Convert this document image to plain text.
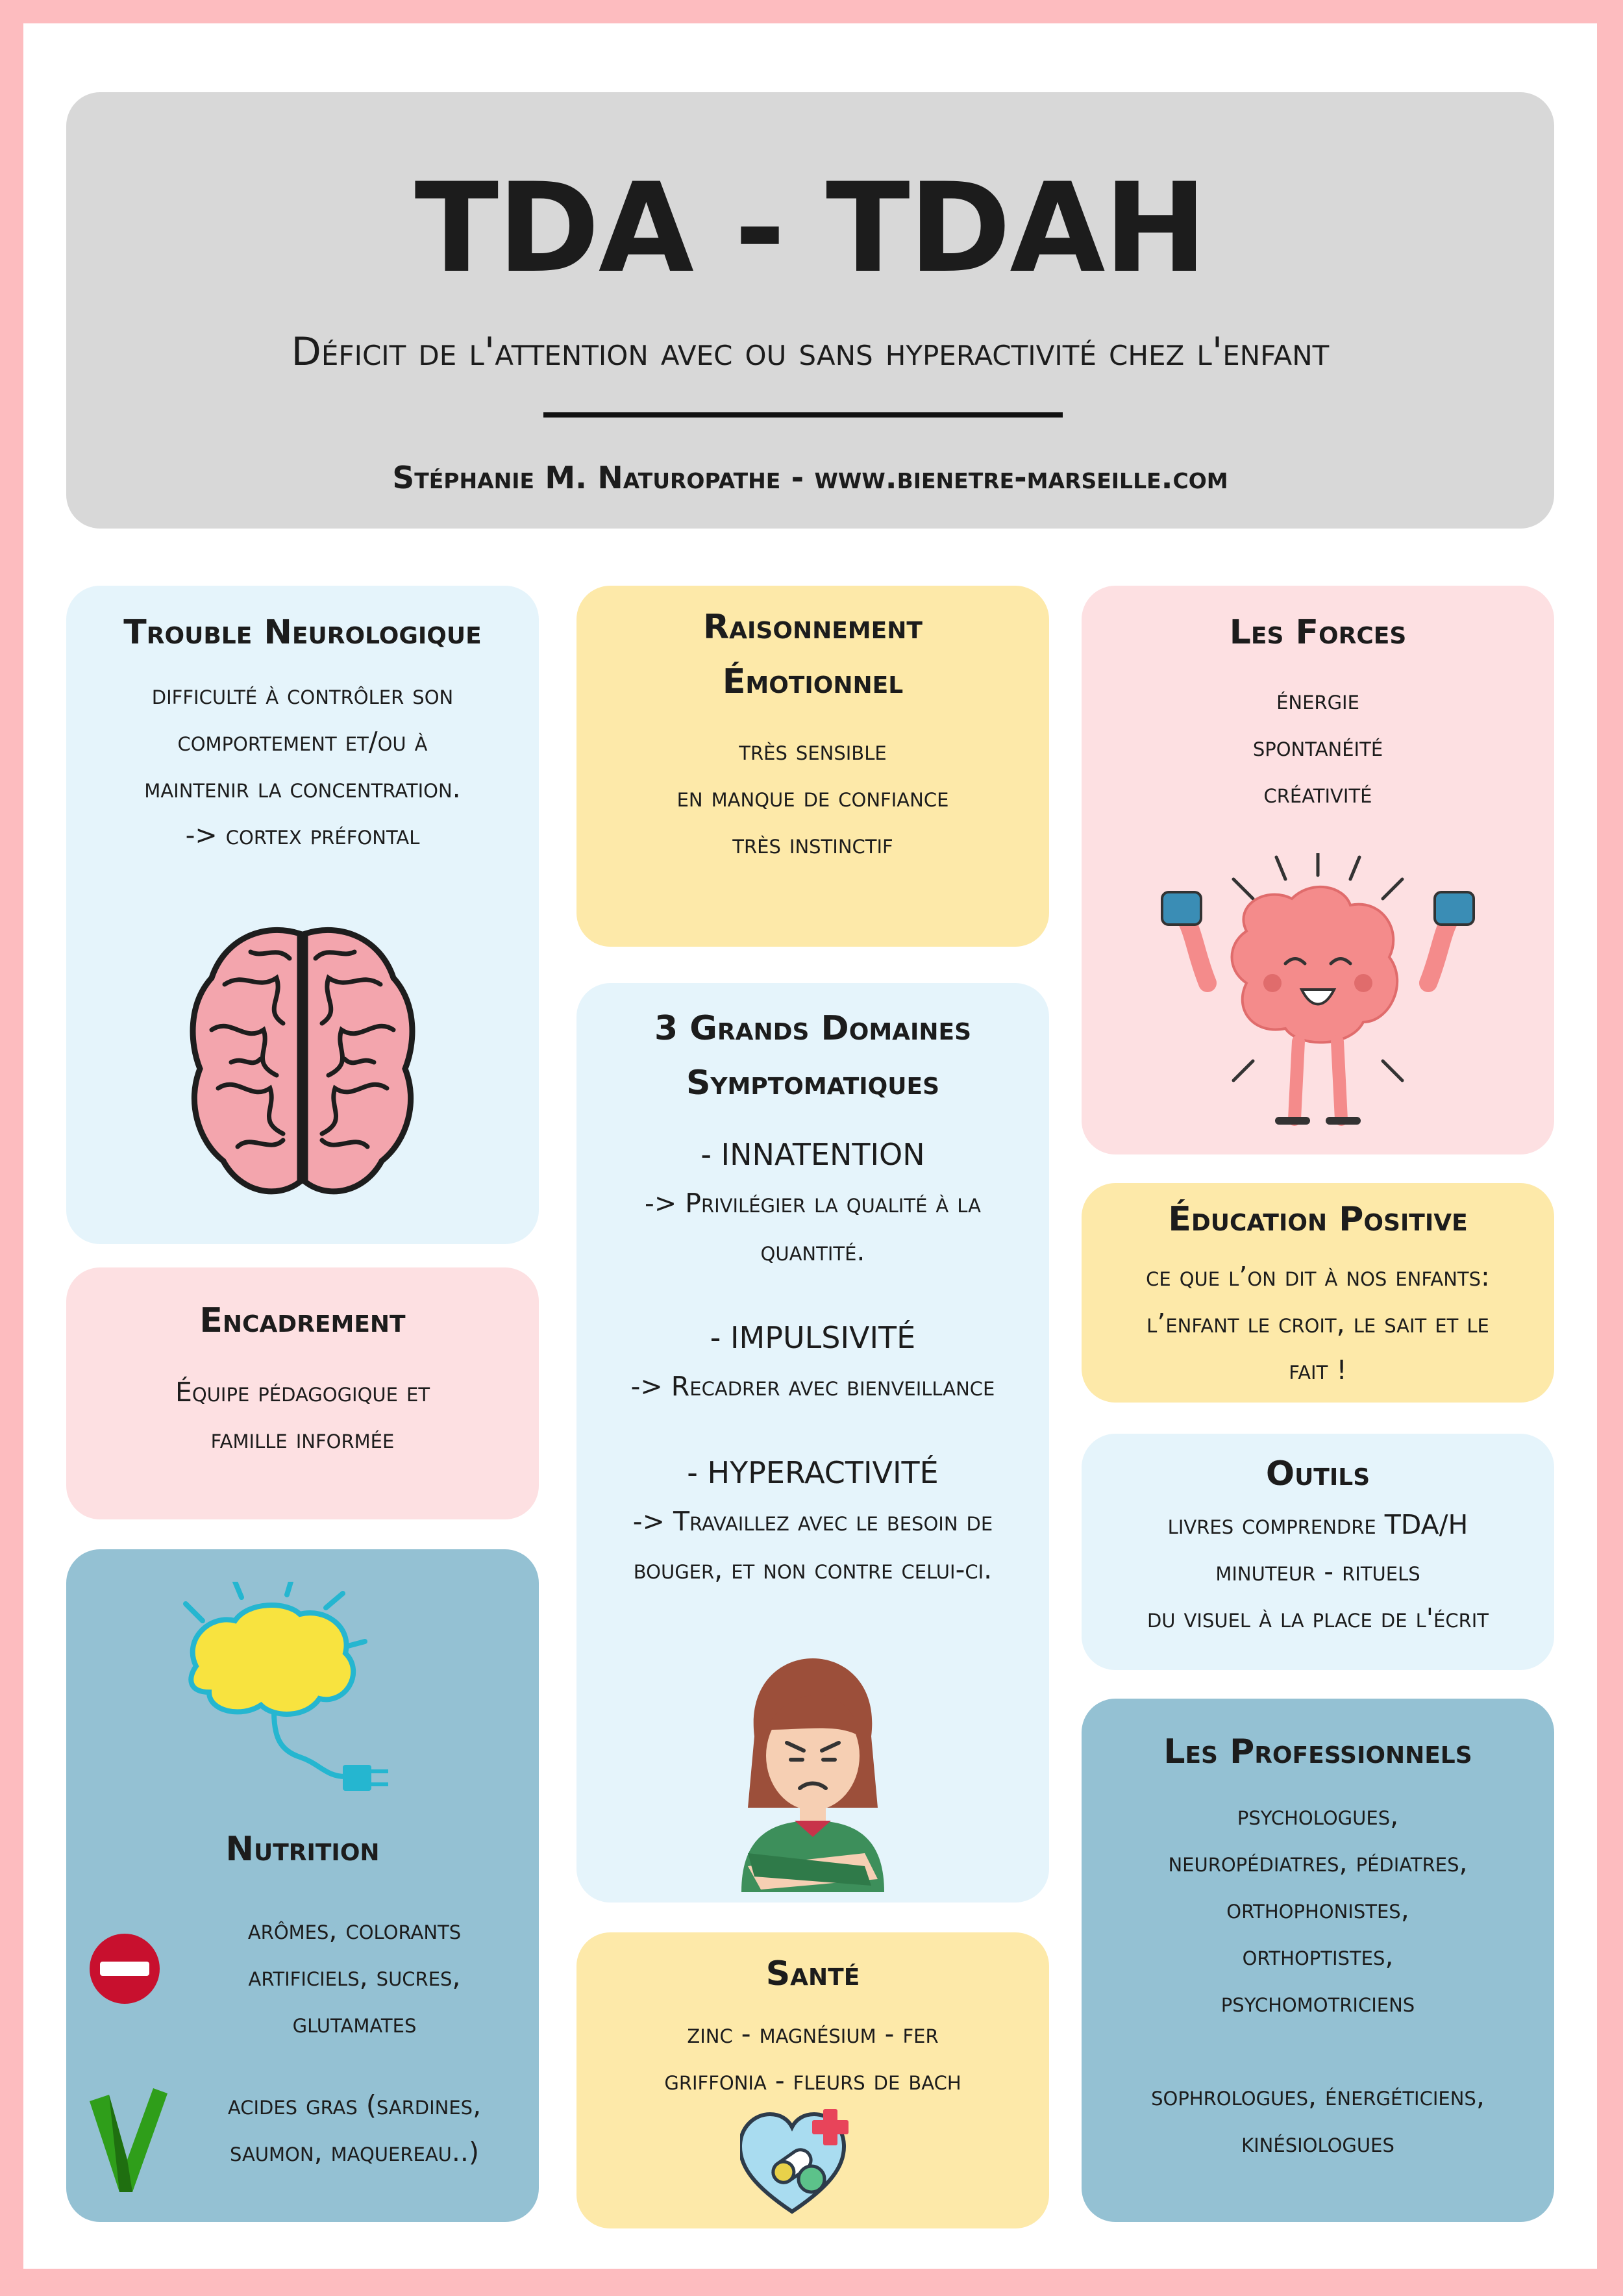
TDA - TDAH
Déficit de l'attention avec ou sans hyperactivité chez l'enfant
Stéphanie M. Naturopathe - www.bienetre-marseille.com

Trouble Neurologique

difficulté à contrôler son

comportement et/ou à

maintenir la concentration.

-> cortex préfontal

Encadrement

Équipe pédagogique et

famille informée

Nutrition

arômes, colorants

artificiels, sucres,

glutamates

acides gras (sardines,

saumon, maquereau..)

Raisonnement

Émotionnel

très sensible

en manque de confiance

très instinctif

3 Grands Domaines

Symptomatiques

- INNATENTION

-> Privilégier la qualité à la

quantité.

- IMPULSIVITÉ

-> Recadrer avec bienveillance

- HYPERACTIVITÉ

-> Travaillez avec le besoin de

bouger, et non contre celui-ci.

Santé

zinc - magnésium - fer

griffonia - fleurs de bach

Les Forces

énergie

spontanéité

créativité

Éducation Positive

ce que l’on dit à nos enfants:

l’enfant le croit, le sait et le

fait !

Outils

livres comprendre TDA/H

minuteur - rituels

du visuel à la place de l'écrit

Les Professionnels

psychologues,

neuropédiatres, pédiatres,

orthophonistes,

orthoptistes,

psychomotriciens

sophrologues, énergéticiens,

kinésiologues
